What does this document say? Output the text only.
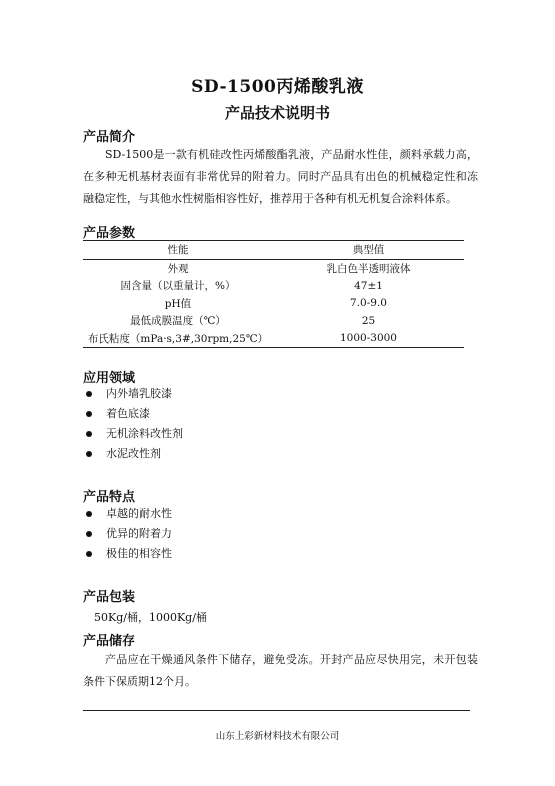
SD-1500丙烯酸乳液
产品技术说明书
产品简介
SD-1500是一款有机硅改性丙烯酸酯乳液，产品耐水性佳，颜料承载力高，在多种无机基材表面有非常优异的附着力。同时产品具有出色的机械稳定性和冻融稳定性，与其他水性树脂相容性好，推荐用于各种有机无机复合涂料体系。
产品参数
性能	典型值
外观	乳白色半透明液体
固含量（以重量计，%）	47±1
pH值	7.0-9.0
最低成膜温度（℃）	25
布氏粘度（mPa·s,3#,30rpm,25℃）	1000-3000
应用领域
内外墙乳胶漆
着色底漆
无机涂料改性剂
水泥改性剂
产品特点
卓越的耐水性
优异的附着力
极佳的相容性
产品包装
50Kg/桶，1000Kg/桶
产品储存
产品应在干燥通风条件下储存，避免受冻。开封产品应尽快用完，未开包装条件下保质期12个月。
山东上彩新材料技术有限公司
